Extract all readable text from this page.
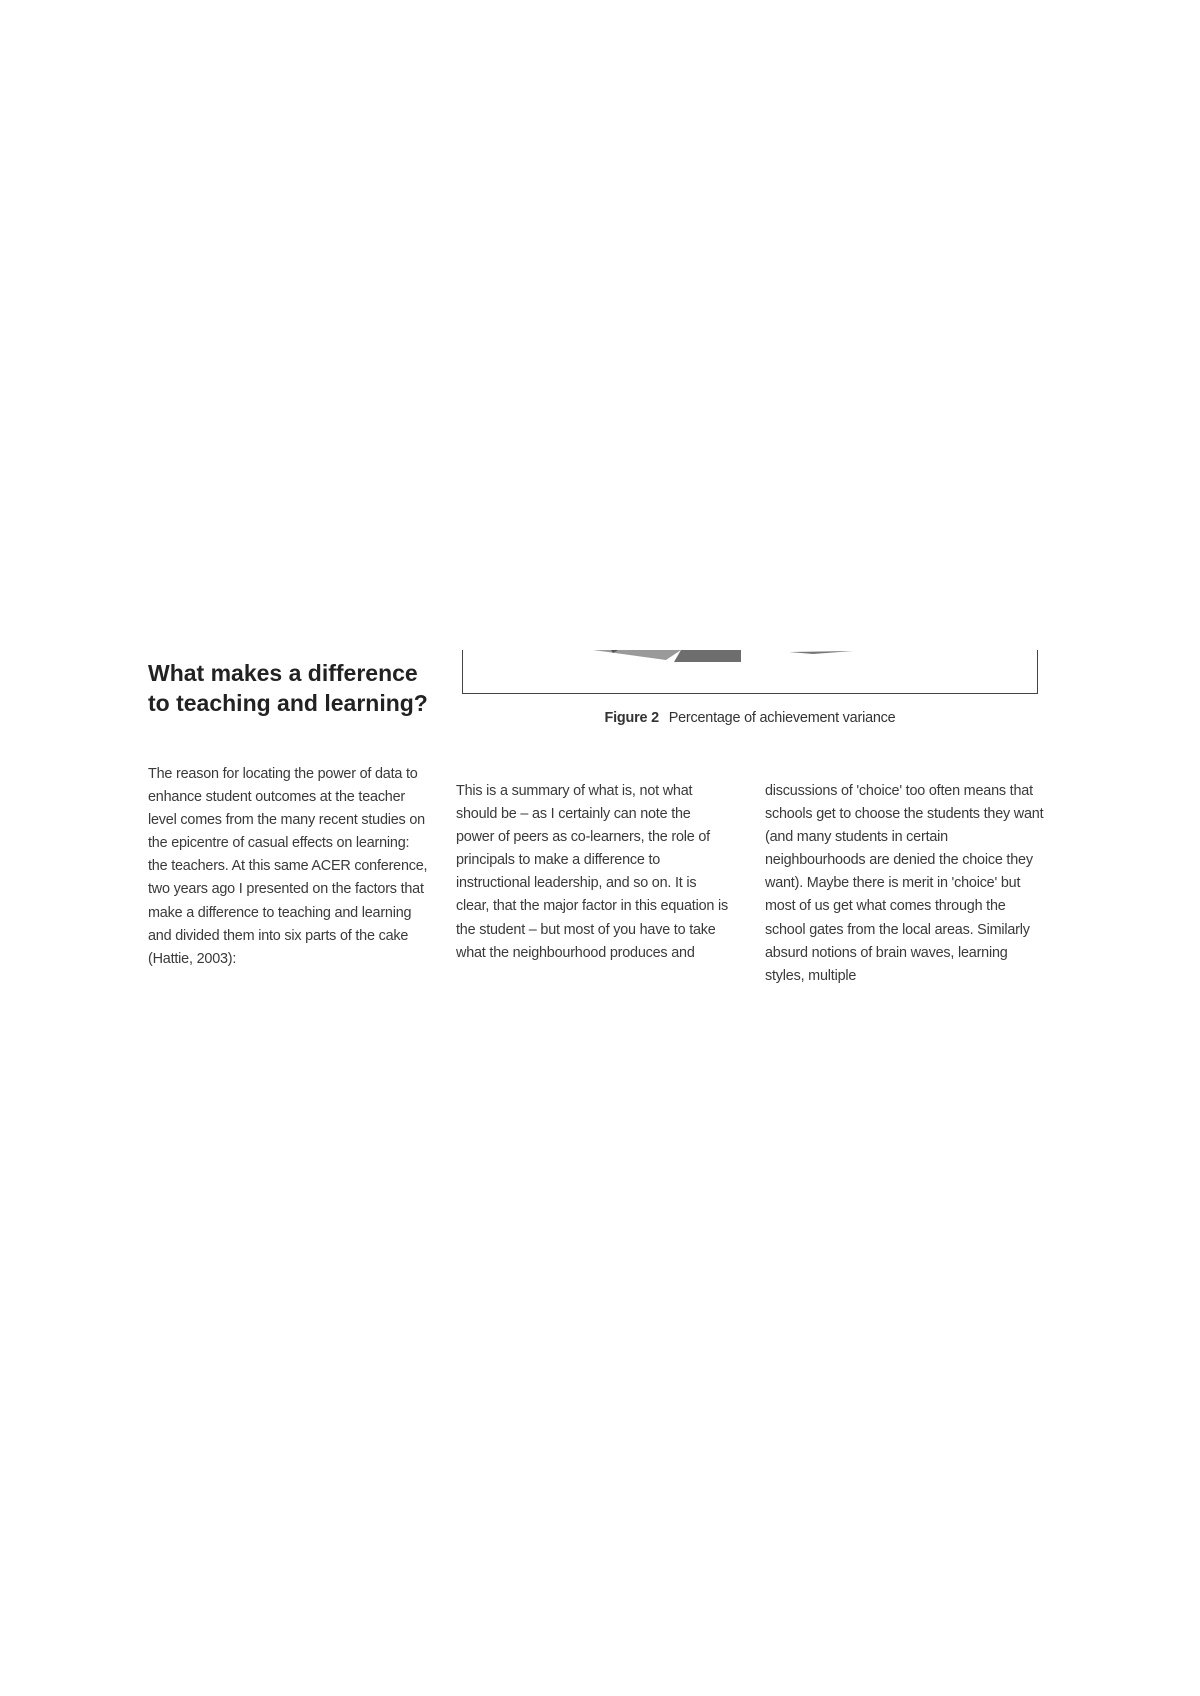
Figure 2 Percentage of achievement variance
What makes a difference to teaching and learning?

The reason for locating the power of data to enhance student outcomes at the teacher level comes from the many recent studies on the epicentre of casual effects on learning: the teachers. At this same ACER conference, two years ago I presented on the factors that make a difference to teaching and learning and divided them into six parts of the cake (Hattie, 2003):

This is a summary of what is, not what should be – as I certainly can note the power of peers as co-learners, the role of principals to make a difference to instructional leadership, and so on. It is clear, that the major factor in this equation is the student – but most of you have to take what the neighbourhood produces and

discussions of 'choice' too often means that schools get to choose the students they want (and many students in certain neighbourhoods are denied the choice they want). Maybe there is merit in 'choice' but most of us get what comes through the school gates from the local areas. Similarly absurd notions of brain waves, learning styles, multiple
